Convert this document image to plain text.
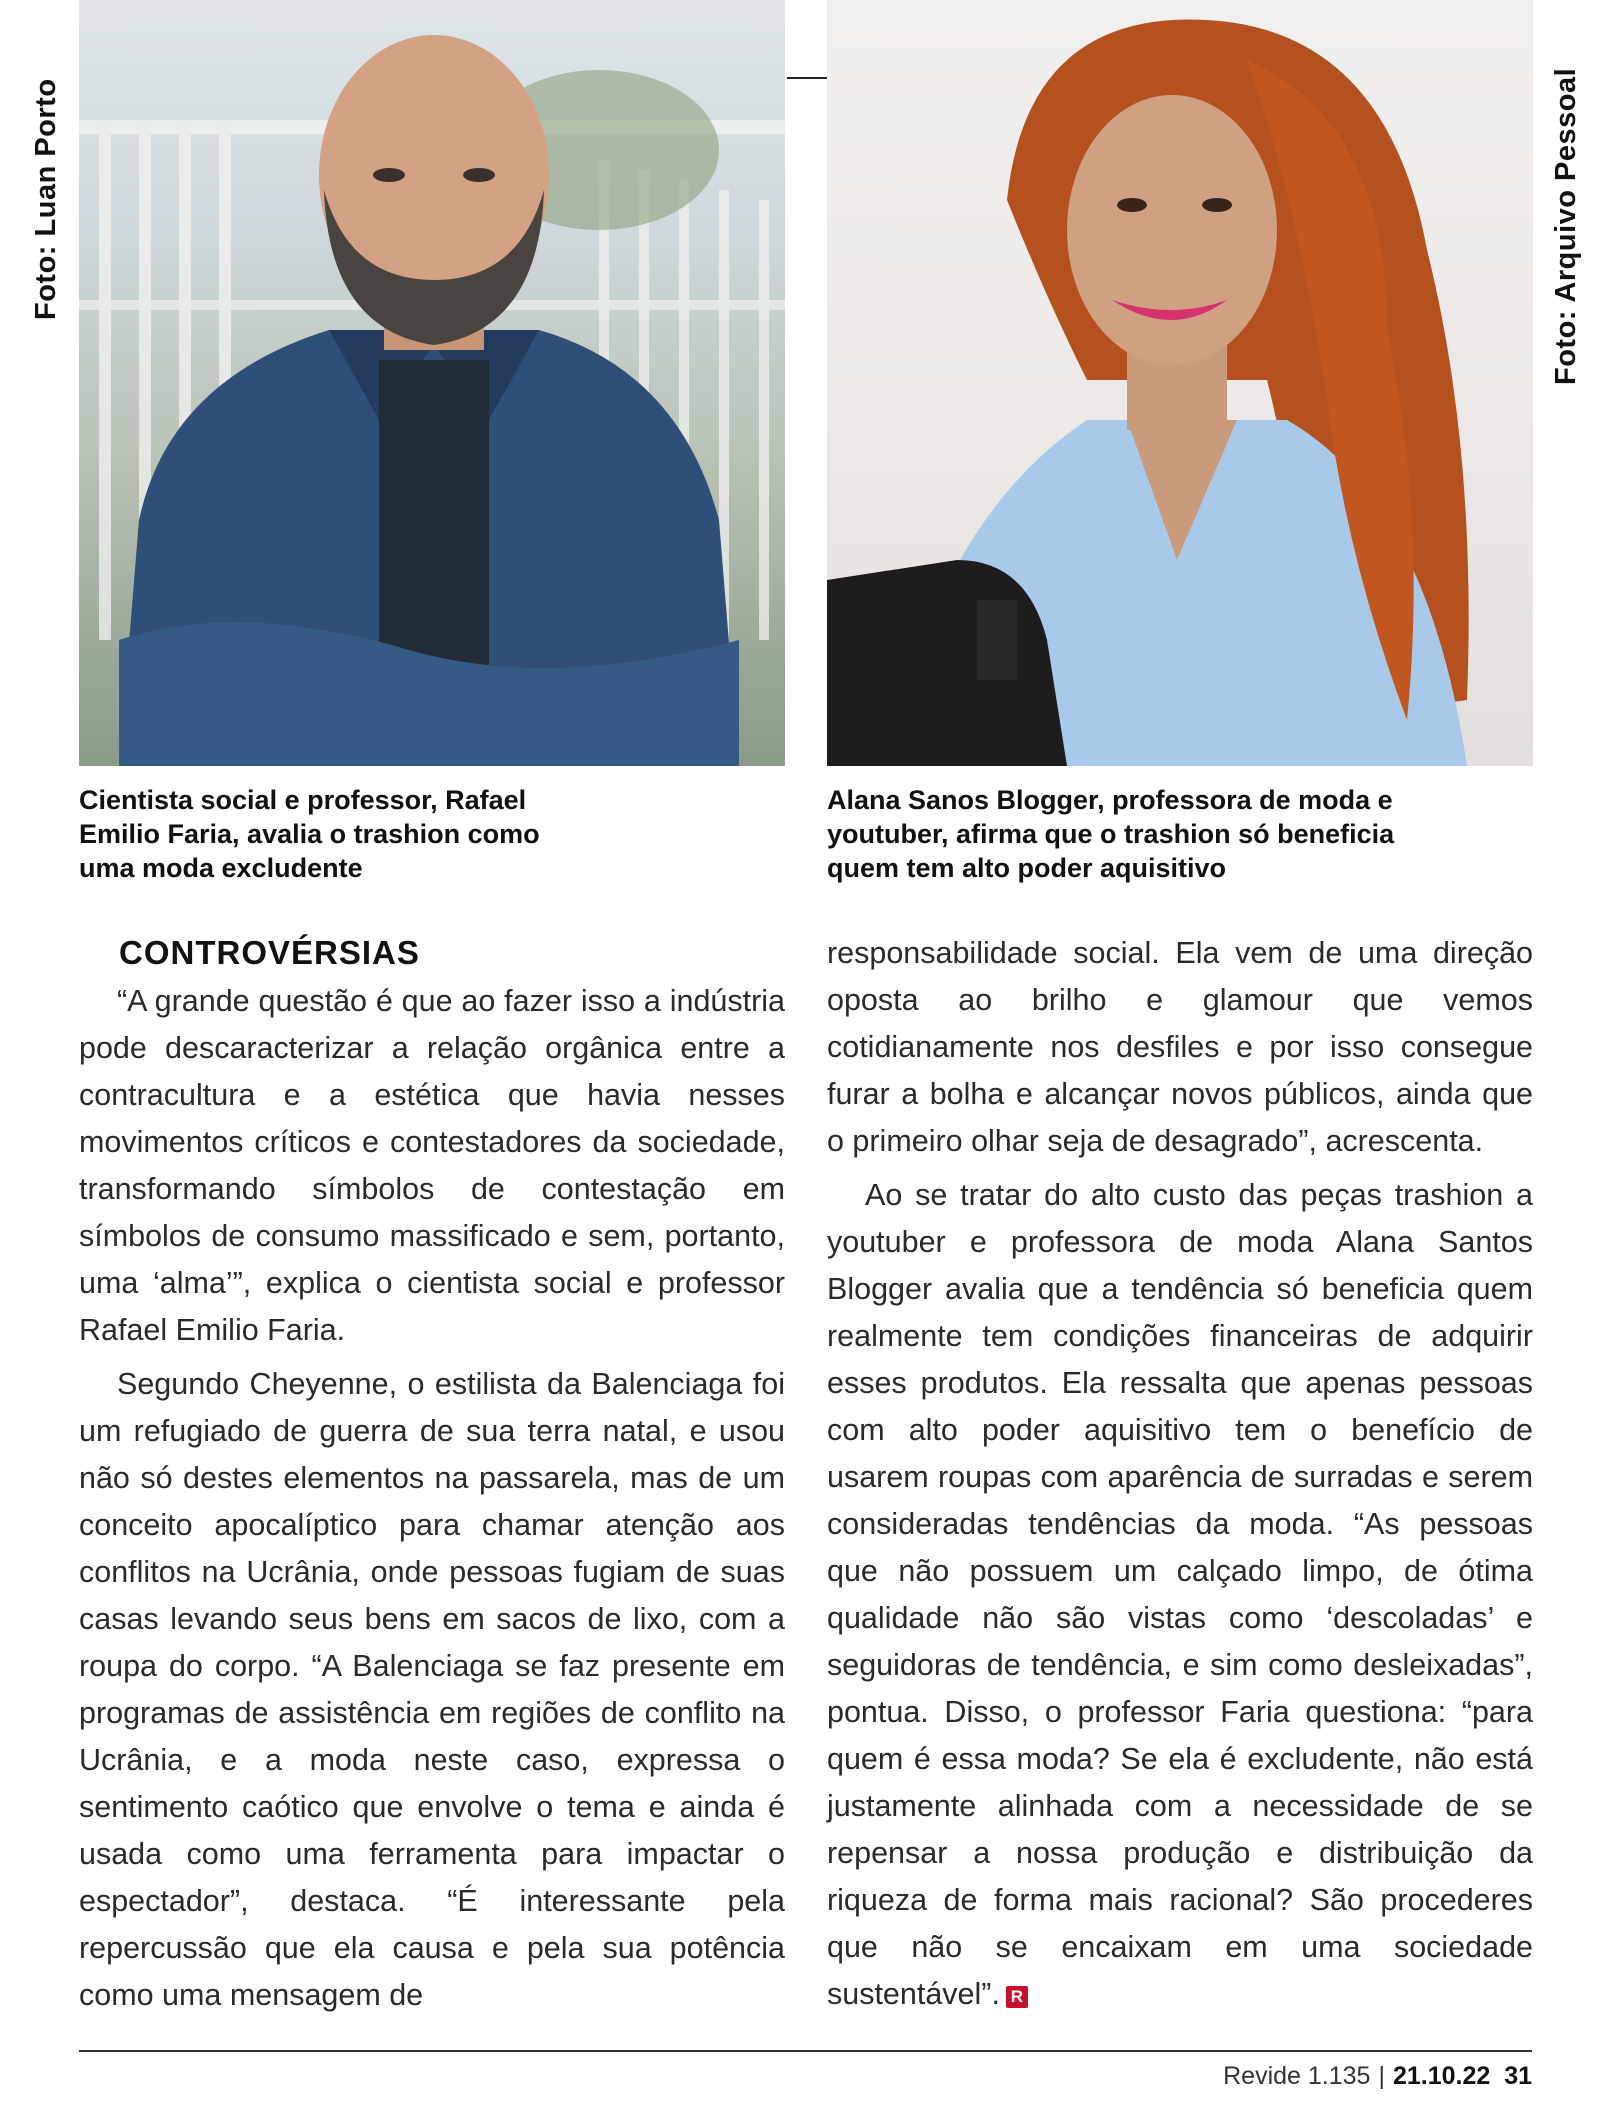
Foto: Luan Porto	Foto: Arquivo Pessoal
Cientista social e professor, Rafael Emilio Faria, avalia o trashion como uma moda excludente
Alana Sanos Blogger, professora de moda e youtuber, afirma que o trashion só beneficia quem tem alto poder aquisitivo
CONTROVÉRSIAS

“A grande questão é que ao fazer isso a indústria pode descaracterizar a relação orgânica entre a contracultura e a estética que havia nesses movimentos críticos e contestadores da sociedade, transformando símbolos de contestação em símbolos de consumo massificado e sem, portanto, uma ‘alma’”, explica o cientista social e professor Rafael Emilio Faria.

Segundo Cheyenne, o estilista da Balenciaga foi um refugiado de guerra de sua terra natal, e usou não só destes elementos na passarela, mas de um conceito apocalíptico para chamar atenção aos conflitos na Ucrânia, onde pessoas fugiam de suas casas levando seus bens em sacos de lixo, com a roupa do corpo. “A Balenciaga se faz presente em programas de assistência em regiões de conflito na Ucrânia, e a moda neste caso, expressa o sentimento caótico que envolve o tema e ainda é usada como uma ferramenta para impactar o espectador”, destaca. “É interessante pela repercussão que ela causa e pela sua potência como uma mensagem de

responsabilidade social. Ela vem de uma direção oposta ao brilho e glamour que vemos cotidianamente nos desfiles e por isso consegue furar a bolha e alcançar novos públicos, ainda que o primeiro olhar seja de desagrado”, acrescenta.

Ao se tratar do alto custo das peças trashion a youtuber e professora de moda Alana Santos Blogger avalia que a tendência só beneficia quem realmente tem condições financeiras de adquirir esses produtos. Ela ressalta que apenas pessoas com alto poder aquisitivo tem o benefício de usarem roupas com aparência de surradas e serem consideradas tendências da moda. “As pessoas que não possuem um calçado limpo, de ótima qualidade não são vistas como ‘descoladas’ e seguidoras de tendência, e sim como desleixadas”, pontua. Disso, o professor Faria questiona: “para quem é essa moda? Se ela é excludente, não está justamente alinhada com a necessidade de se repensar a nossa produção e distribuição da riqueza de forma mais racional? São procederes que não se encaixam em uma sociedade sustentável”. R

Revide 1.135 | 21.10.22 31
